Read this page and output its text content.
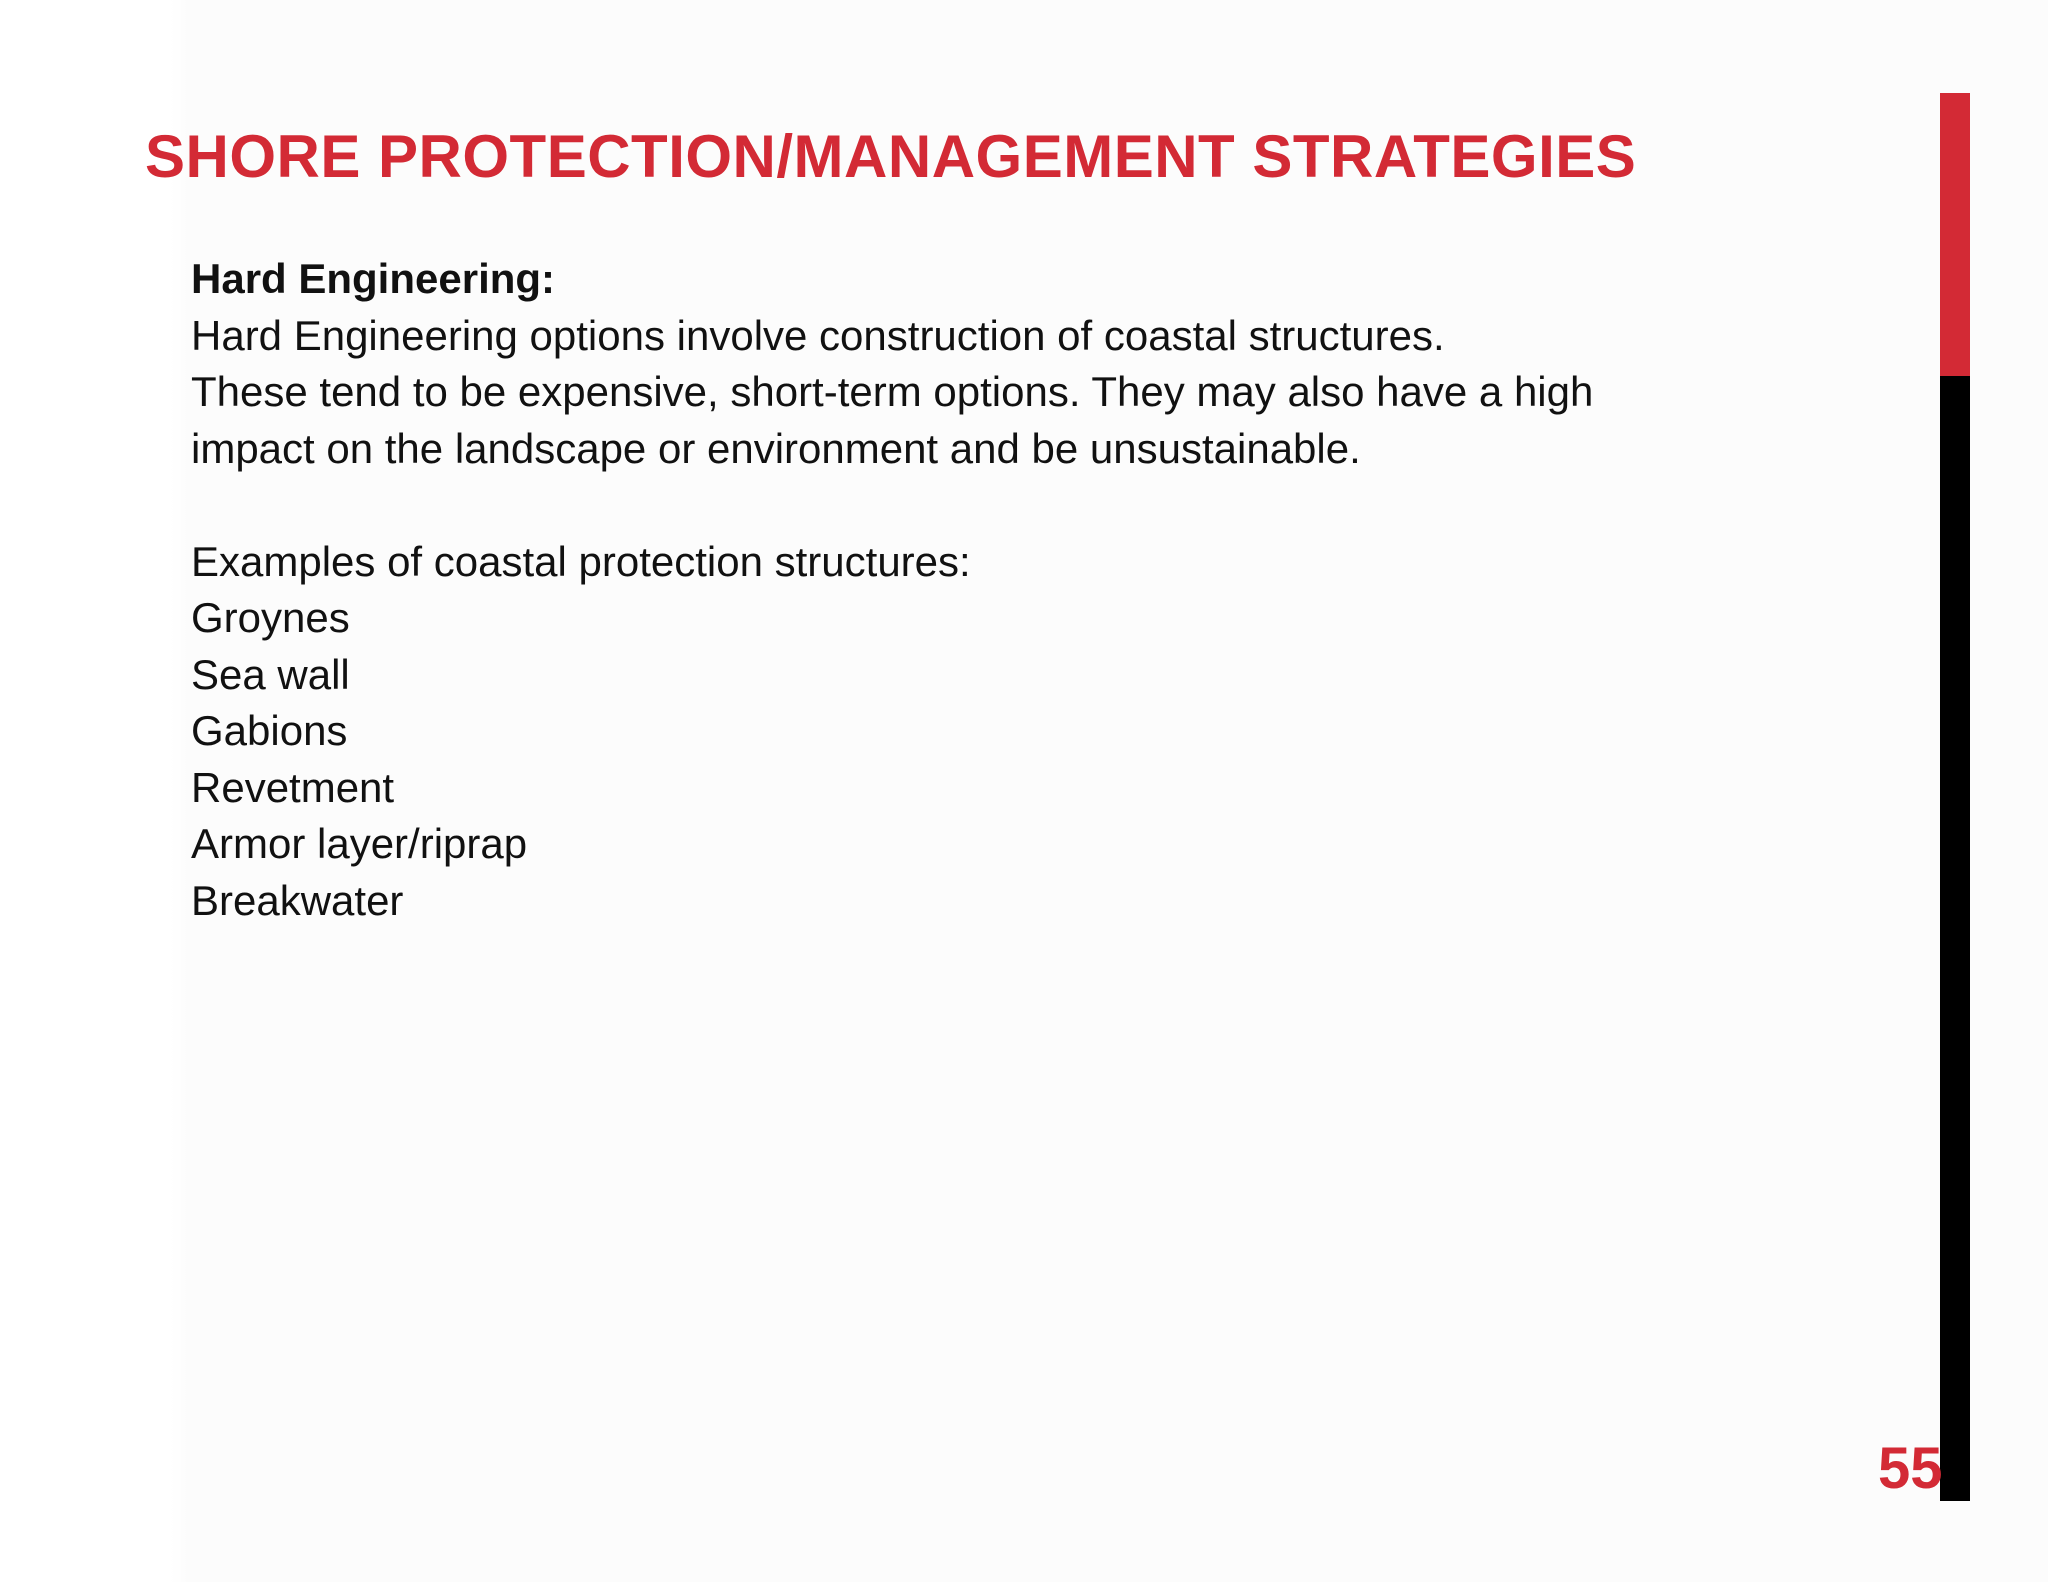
SHORE PROTECTION/MANAGEMENT STRATEGIES

Hard Engineering:

Hard Engineering options involve construction of coastal structures.

These tend to be expensive, short-term options. They may also have a high

impact on the landscape or environment and be unsustainable.

Examples of coastal protection structures:

Groynes

Sea wall

Gabions

Revetment

Armor layer/riprap

Breakwater

55
